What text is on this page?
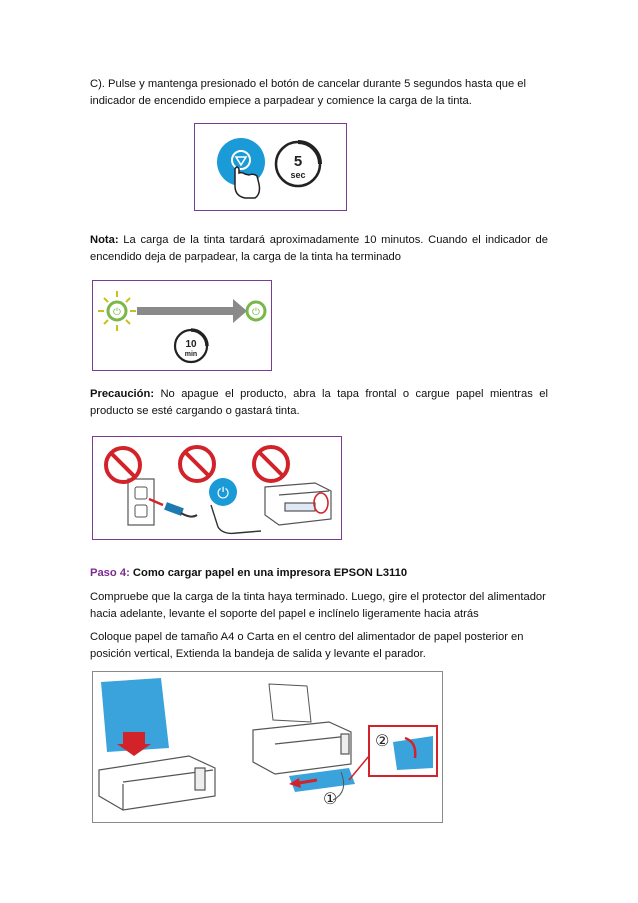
C). Pulse y mantenga presionado el botón de cancelar durante 5 segundos hasta que el indicador de encendido empiece a parpadear y comience la carga de la tinta.
5
sec
Nota: La carga de la tinta tardará aproximadamente 10 minutos. Cuando el indicador de encendido deja de parpadear, la carga de la tinta ha terminado
⏻	⏻
10
min
Precaución: No apague el producto, abra la tapa frontal o cargue papel mientras el producto se esté cargando o gastará tinta.
⏻
Paso 4: Como cargar papel en una impresora EPSON L3110
Compruebe que la carga de la tinta haya terminado. Luego, gire el protector del alimentador hacia adelante, levante el soporte del papel e inclínelo ligeramente hacia atrás
Coloque papel de tamaño A4 o Carta en el centro del alimentador de papel posterior en posición vertical, Extienda la bandeja de salida y levante el parador.
①
②
